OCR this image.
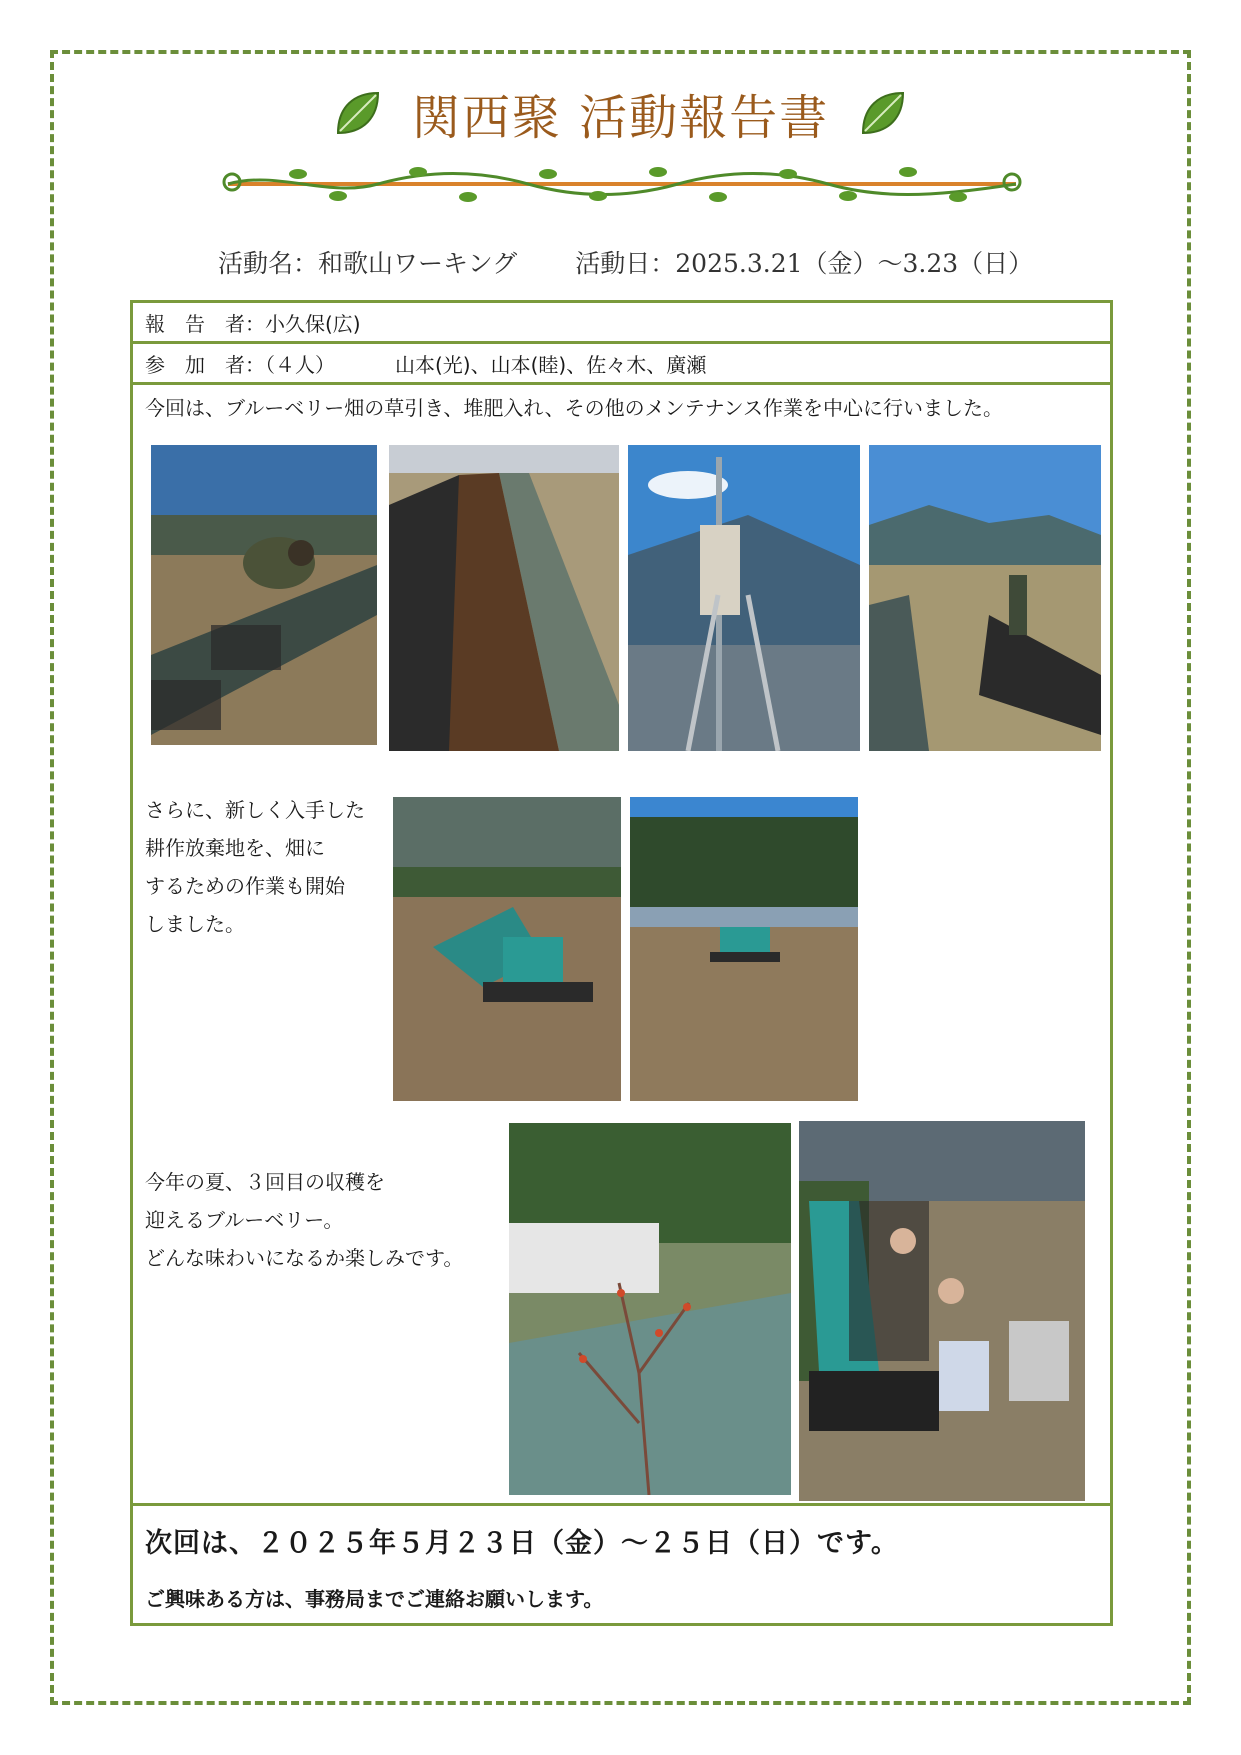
関西聚 活動報告書
活動名：和歌山ワーキング 活動日：2025.3.21（金）～3.23（日）
報　告　者：小久保(広)
参　加　者：（４人）	山本(光)、山本(睦)、佐々木、廣瀬
今回は、ブルーベリー畑の草引き、堆肥入れ、その他のメンテナンス作業を中心に行いました。
さらに、新しく入手した
耕作放棄地を、畑に
するための作業も開始
しました。
今年の夏、３回目の収穫を
迎えるブルーベリー。
どんな味わいになるか楽しみです。
次回は、２０２５年５月２３日（金）～２５日（日）です。
ご興味ある方は、事務局までご連絡お願いします。
